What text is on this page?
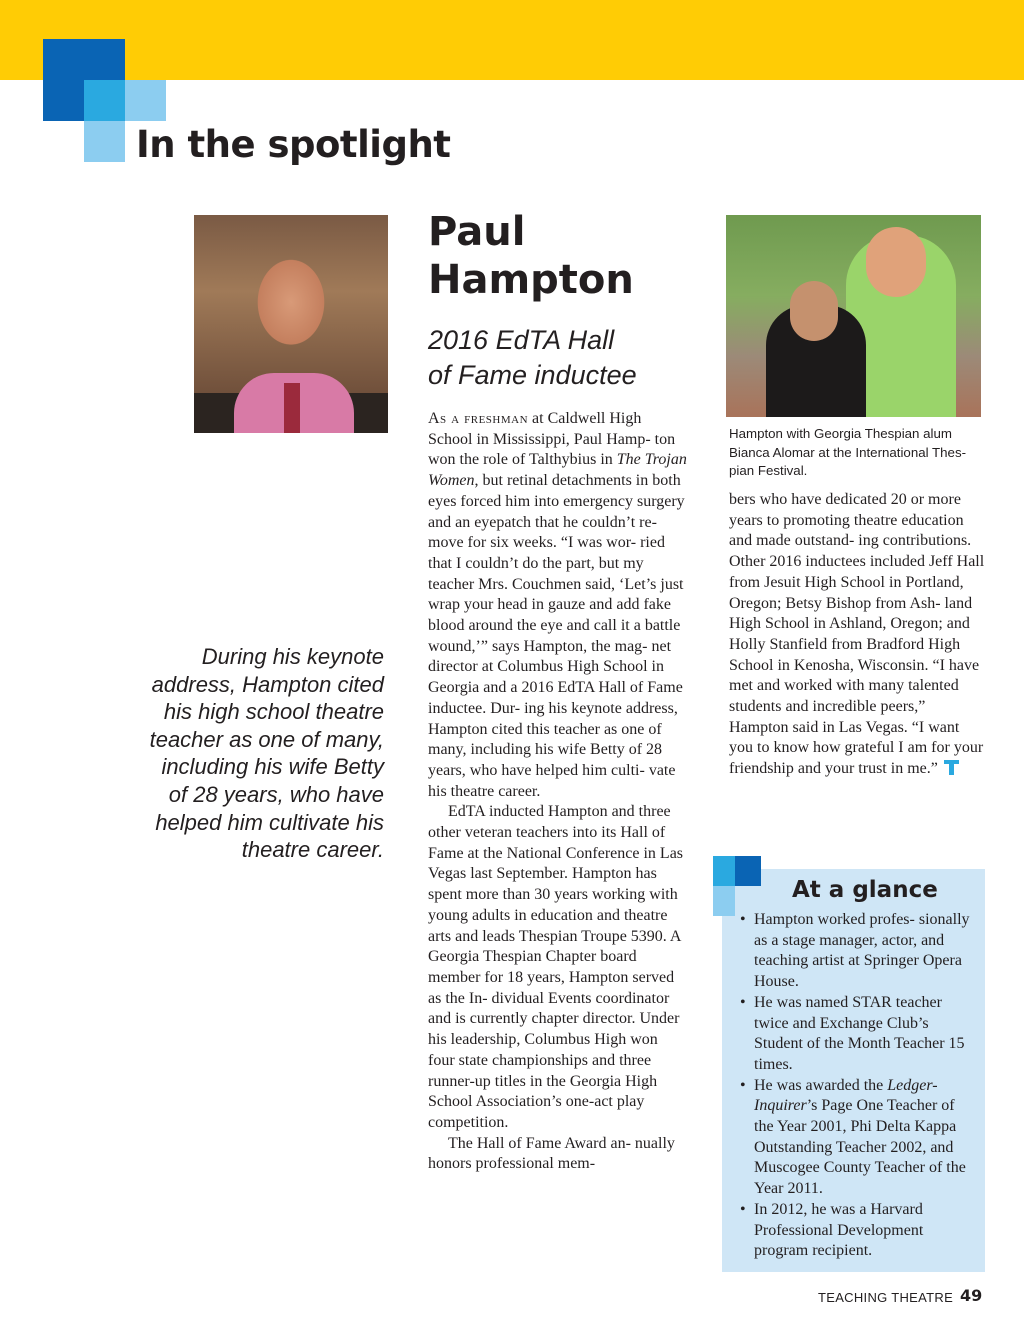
In the spotlight
Paul
Hampton
2016 EdTA Hall
of Fame inductee

Hampton with Georgia Thespian alum Bianca Alomar at the International Thes- pian Festival.

During his keynote address, Hampton cited his high school theatre teacher as one of many, including his wife Betty of 28 years, who have helped him cultivate his theatre career.

As a freshman at Caldwell High School in Mississippi, Paul Hamp- ton won the role of Talthybius in The Trojan Women, but retinal detachments in both eyes forced him into emergency surgery and an eyepatch that he couldn’t re- move for six weeks. “I was wor- ried that I couldn’t do the part, but my teacher Mrs. Couchmen said, ‘Let’s just wrap your head in gauze and add fake blood around the eye and call it a battle wound,’” says Hampton, the mag- net director at Columbus High School in Georgia and a 2016 EdTA Hall of Fame inductee. Dur- ing his keynote address, Hampton cited this teacher as one of many, including his wife Betty of 28 years, who have helped him culti- vate his theatre career.

EdTA inducted Hampton and three other veteran teachers into its Hall of Fame at the National Conference in Las Vegas last September. Hampton has spent more than 30 years working with young adults in education and theatre arts and leads Thespian Troupe 5390. A Georgia Thespian Chapter board member for 18 years, Hampton served as the In- dividual Events coordinator and is currently chapter director. Under his leadership, Columbus High won four state championships and three runner-up titles in the Georgia High School Association’s one-act play competition.

The Hall of Fame Award an- nually honors professional mem-

bers who have dedicated 20 or more years to promoting theatre education and made outstand- ing contributions. Other 2016 inductees included Jeff Hall from Jesuit High School in Portland, Oregon; Betsy Bishop from Ash- land High School in Ashland, Oregon; and Holly Stanfield from Bradford High School in Kenosha, Wisconsin. “I have met and worked with many talented students and incredible peers,” Hampton said in Las Vegas. “I want you to know how grateful I am for your friendship and your trust in me.”
At a glance
• Hampton worked profes- sionally as a stage manager, actor, and teaching artist at Springer Opera House.
• He was named STAR teacher twice and Exchange Club’s Student of the Month Teacher 15 times.
• He was awarded the Ledger- Inquirer’s Page One Teacher of the Year 2001, Phi Delta Kappa Outstanding Teacher 2002, and Muscogee County Teacher of the Year 2011.
• In 2012, he was a Harvard Professional Development program recipient.

TEACHING THEATRE 49
